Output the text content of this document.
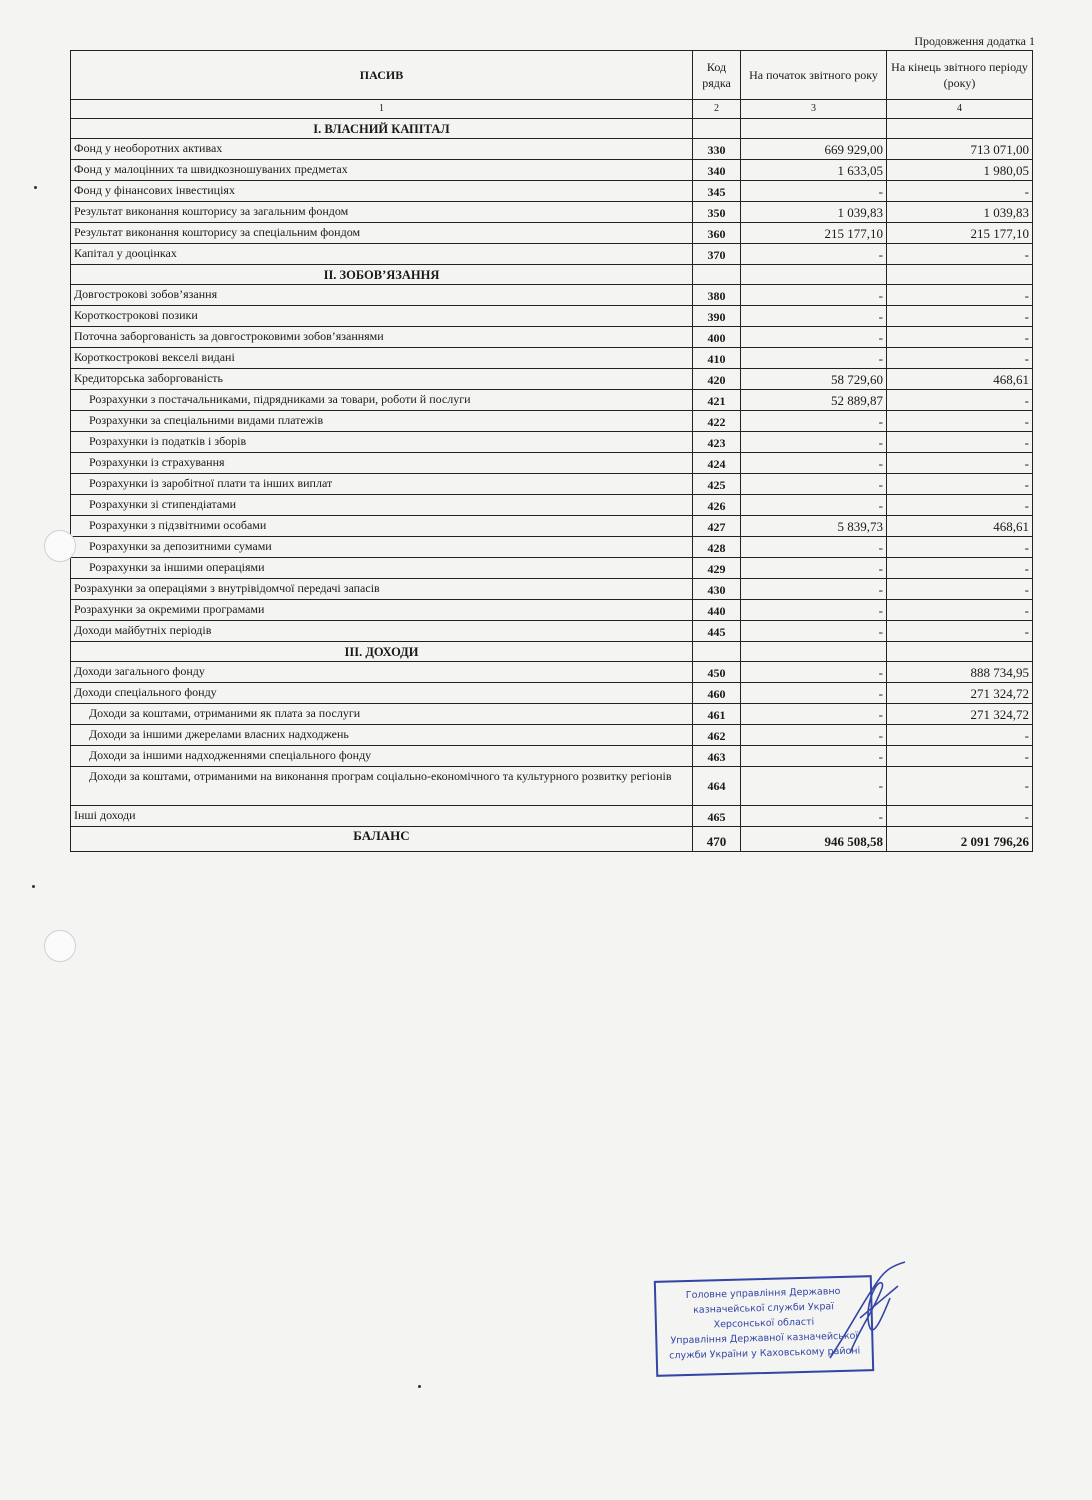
Продовження додатка 1
ПАСИВ	Код рядка	На початок звітного року	На кінець звітного періоду (року)
1	2	3	4
І. ВЛАСНИЙ КАПІТАЛ			
Фонд у необоротних активах	330	669 929,00	713 071,00
Фонд у малоцінних та швидкозношуваних предметах	340	1 633,05	1 980,05
Фонд у фінансових інвестиціях	345	-	-
Результат виконання кошторису за загальним фондом	350	1 039,83	1 039,83
Результат виконання кошторису за спеціальним фондом	360	215 177,10	215 177,10
Капітал у дооцінках	370	-	-
ІІ. ЗОБОВ’ЯЗАННЯ			
Довгострокові зобов’язання	380	-	-
Короткострокові позики	390	-	-
Поточна заборгованість за довгостроковими зобов’язаннями	400	-	-
Короткострокові векселі видані	410	-	-
Кредиторська заборгованість	420	58 729,60	468,61
Розрахунки з постачальниками, підрядниками за товари, роботи й послуги	421	52 889,87	-
Розрахунки за спеціальними видами платежів	422	-	-
Розрахунки із податків і зборів	423	-	-
Розрахунки із страхування	424	-	-
Розрахунки із заробітної плати та інших виплат	425	-	-
Розрахунки зі стипендіатами	426	-	-
Розрахунки з підзвітними особами	427	5 839,73	468,61
Розрахунки за депозитними сумами	428	-	-
Розрахунки за іншими операціями	429	-	-
Розрахунки за операціями з внутрівідомчої передачі запасів	430	-	-
Розрахунки за окремими програмами	440	-	-
Доходи майбутніх періодів	445	-	-
ІІІ. ДОХОДИ			
Доходи загального фонду	450	-	888 734,95
Доходи спеціального фонду	460	-	271 324,72
Доходи за коштами, отриманими як плата за послуги	461	-	271 324,72
Доходи за іншими джерелами власних надходжень	462	-	-
Доходи за іншими надходженнями спеціального фонду	463	-	-
Доходи за коштами, отриманими на виконання програм соціально-економічного та культурного розвитку регіонів	464	-	-
Інші доходи	465	-	-
БАЛАНС	470	946 508,58	2 091 796,26
Головне управління Державно
казначейської служби Украї
Херсонської області
Управління Державної казначейської
служби України у Каховському районі
